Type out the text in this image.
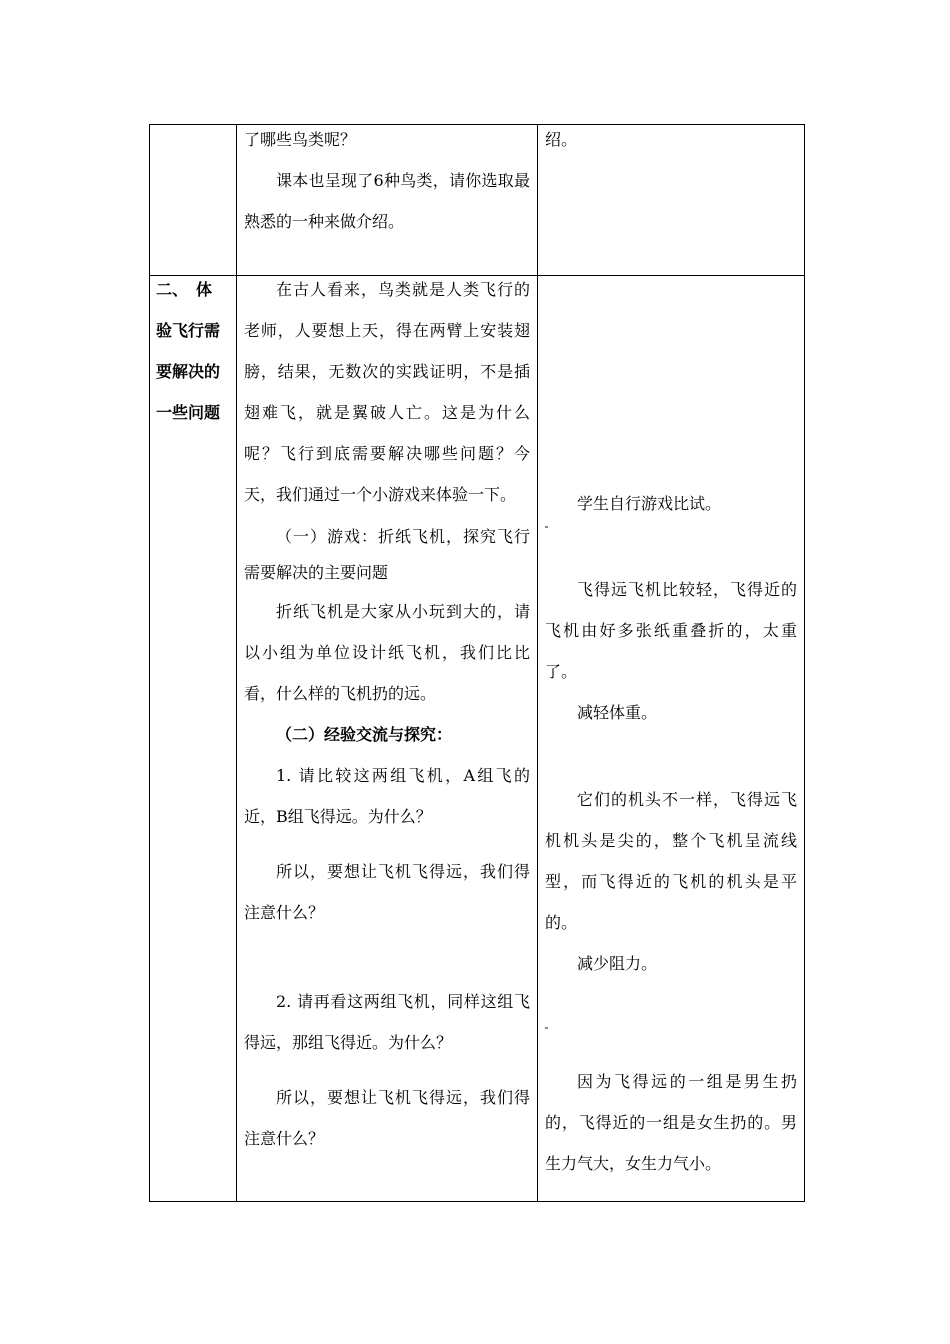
了哪些鸟类呢？

课本也呈现了6种鸟类，请你选取最熟悉的一种来做介绍。

绍。

二、　体

验飞行需

要解决的

一些问题

在古人看来，鸟类就是人类飞行的老师，人要想上天，得在两臂上安装翅膀，结果，无数次的实践证明，不是插翅难飞，就是翼破人亡。这是为什么呢？飞行到底需要解决哪些问题？今天，我们通过一个小游戏来体验一下。

（一）游戏：折纸飞机，探究飞行需要解决的主要问题

折纸飞机是大家从小玩到大的，请以小组为单位设计纸飞机，我们比比看，什么样的飞机扔的远。

（二）经验交流与探究：

1. 请比较这两组飞机，A组飞的近，B组飞得远。为什么？

所以，要想让飞机飞得远，我们得注意什么？

2. 请再看这两组飞机，同样这组飞得远，那组飞得近。为什么？

所以，要想让飞机飞得远，我们得注意什么？

学生自行游戏比试。

飞得远飞机比较轻，飞得近的飞机由好多张纸重叠折的，太重了。

减轻体重。

它们的机头不一样，飞得远飞机机头是尖的，整个飞机呈流线型，而飞得近的飞机的机头是平的。

减少阻力。

因为飞得远的一组是男生扔的，飞得近的一组是女生扔的。男生力气大，女生力气小。
